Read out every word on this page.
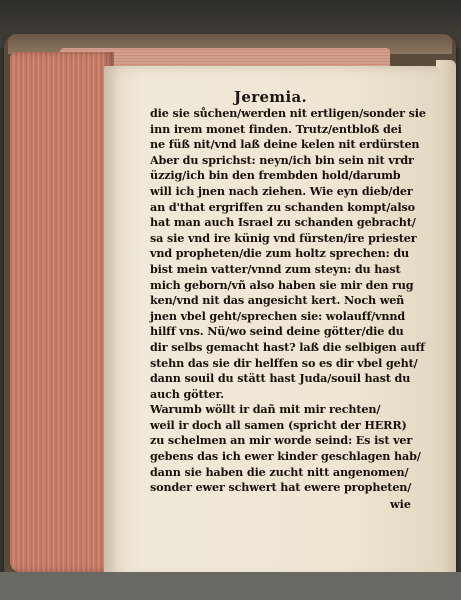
Jeremia.
die sie sůchen/werden nit ertligen/sonder sie
inn irem monet finden. Trutz/entbloß dei
ne füß nit/vnd laß deine kelen nit erdürsten
Aber du sprichst: neyn/ich bin sein nit vrdr
üzzig/ich bin den frembden hold/darumb
will ich jnen nach ziehen. Wie eyn dieb/der
an d'that ergriffen zu schanden kompt/also
hat man auch Israel zu schanden gebracht/
sa sie vnd ire künig vnd fürsten/ire priester
vnd propheten/die zum holtz sprechen: du
bist mein vatter/vnnd zum steyn: du hast
mich geborn/vñ also haben sie mir den rug
ken/vnd nit das angesicht kert. Noch weñ
jnen vbel geht/sprechen sie: wolauff/vnnd
hilff vns. Nü/wo seind deine götter/die du
dir selbs gemacht hast? laß die selbigen auff
stehn das sie dir helffen so es dir vbel geht/
dann souil du stätt hast Juda/souil hast du
auch götter.
Warumb wöllt ir dañ mit mir rechten/
weil ir doch all samen (spricht der HERR)
zu schelmen an mir worde seind: Es ist ver
gebens das ich ewer kinder geschlagen hab/
dann sie haben die zucht nitt angenomen/
sonder ewer schwert hat ewere propheten/
wie
